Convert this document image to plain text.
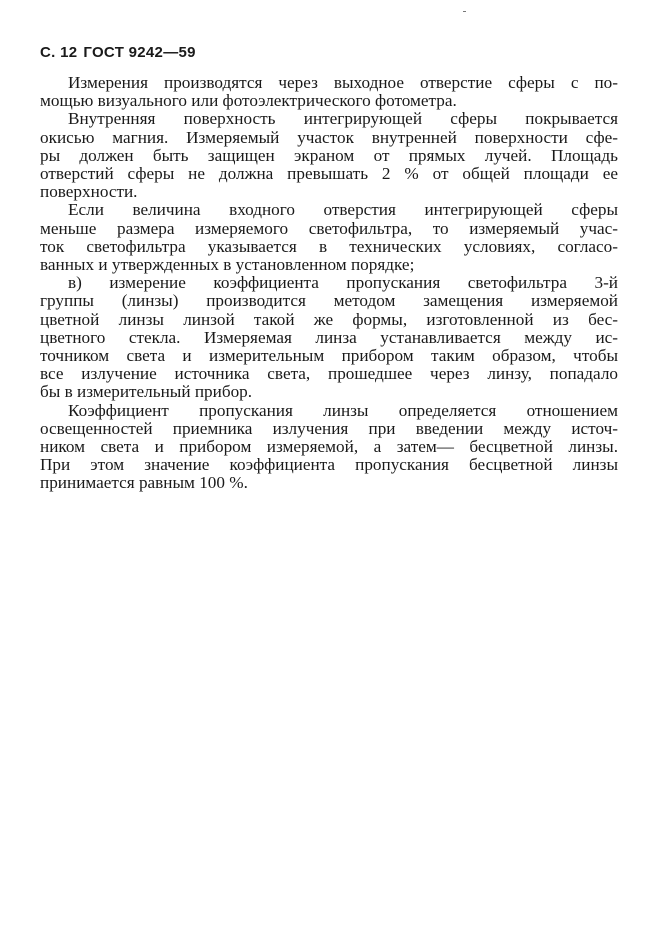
С. 12 ГОСТ 9242—59

Измерения производятся через выходное отверстие сферы с по-
мощью визуального или фотоэлектрического фотометра.

Внутренняя поверхность интегрирующей сферы покрывается
окисью магния. Измеряемый участок внутренней поверхности сфе-
ры должен быть защищен экраном от прямых лучей. Площадь
отверстий сферы не должна превышать 2 % от общей площади ее
поверхности.

Если величина входного отверстия интегрирующей сферы
меньше размера измеряемого светофильтра, то измеряемый учас-
ток светофильтра указывается в технических условиях, согласо-
ванных и утвержденных в установленном порядке;

в) измерение коэффициента пропускания светофильтра 3-й
группы (линзы) производится методом замещения измеряемой
цветной линзы линзой такой же формы, изготовленной из бес-
цветного стекла. Измеряемая линза устанавливается между ис-
точником света и измерительным прибором таким образом, чтобы
все излучение источника света, прошедшее через линзу, попадало
бы в измерительный прибор.

Коэффициент пропускания линзы определяется отношением
освещенностей приемника излучения при введении между источ-
ником света и прибором измеряемой, а затем— бесцветной линзы.
При этом значение коэффициента пропускания бесцветной линзы
принимается равным 100 %.
